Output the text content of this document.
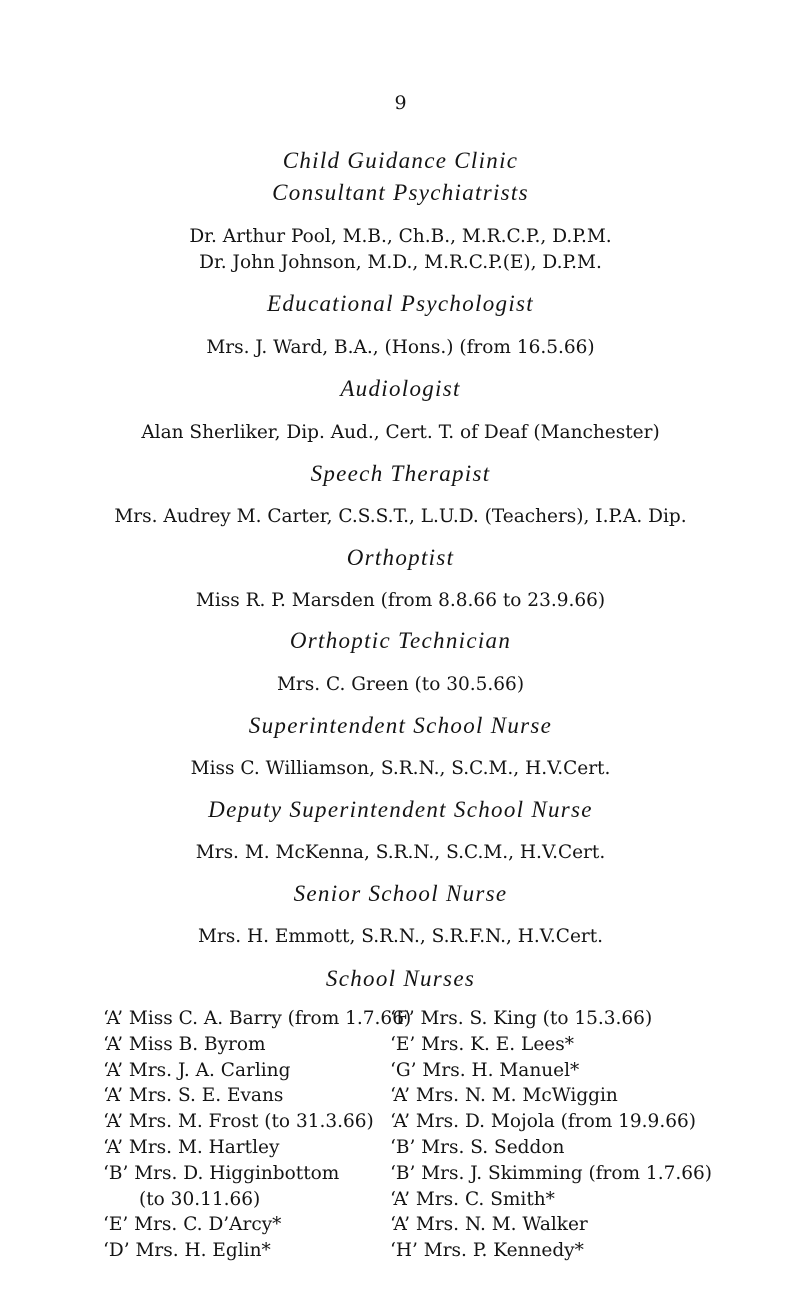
9
Child Guidance Clinic
Consultant Psychiatrists
Dr. Arthur Pool, M.B., Ch.B., M.R.C.P., D.P.M.
Dr. John Johnson, M.D., M.R.C.P.(E), D.P.M.
Educational Psychologist
Mrs. J. Ward, B.A., (Hons.) (from 16.5.66)
Audiologist
Alan Sherliker, Dip. Aud., Cert. T. of Deaf (Manchester)
Speech Therapist
Mrs. Audrey M. Carter, C.S.S.T., L.U.D. (Teachers), I.P.A. Dip.
Orthoptist
Miss R. P. Marsden (from 8.8.66 to 23.9.66)
Orthoptic Technician
Mrs. C. Green (to 30.5.66)
Superintendent School Nurse
Miss C. Williamson, S.R.N., S.C.M., H.V.Cert.
Deputy Superintendent School Nurse
Mrs. M. McKenna, S.R.N., S.C.M., H.V.Cert.
Senior School Nurse
Mrs. H. Emmott, S.R.N., S.R.F.N., H.V.Cert.
School Nurses
‘A’ Miss C. A. Barry (from 1.7.66)
‘A’ Miss B. Byrom
‘A’ Mrs. J. A. Carling
‘A’ Mrs. S. E. Evans
‘A’ Mrs. M. Frost (to 31.3.66)
‘A’ Mrs. M. Hartley
‘B’ Mrs. D. Higginbottom
(to 30.11.66)
‘E’ Mrs. C. D’Arcy*
‘D’ Mrs. H. Eglin*
‘F’ Mrs. S. King (to 15.3.66)
‘E’ Mrs. K. E. Lees*
‘G’ Mrs. H. Manuel*
‘A’ Mrs. N. M. McWiggin
‘A’ Mrs. D. Mojola (from 19.9.66)
‘B’ Mrs. S. Seddon
‘B’ Mrs. J. Skimming (from 1.7.66)
‘A’ Mrs. C. Smith*
‘A’ Mrs. N. M. Walker
‘H’ Mrs. P. Kennedy*
